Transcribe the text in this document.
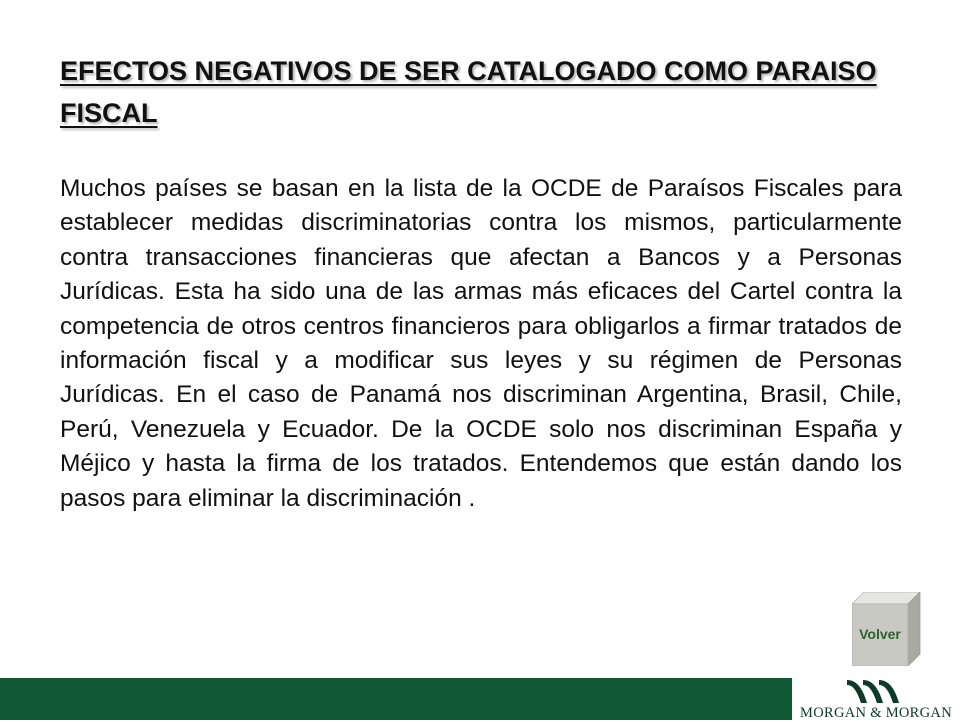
EFECTOS NEGATIVOS DE SER CATALOGADO COMO PARAISO FISCAL

Muchos países se basan en la lista de la OCDE de Paraísos Fiscales para establecer medidas discriminatorias contra los mismos, particularmente contra transacciones financieras que afectan a Bancos y a Personas Jurídicas. Esta ha sido una de las armas más eficaces del Cartel contra la competencia de otros centros financieros para obligarlos a firmar tratados de información fiscal y a modificar sus leyes y su régimen de Personas Jurídicas. En el caso de Panamá nos discriminan Argentina, Brasil, Chile, Perú, Venezuela y Ecuador. De la OCDE solo nos discriminan España y Méjico y hasta la firma de los tratados. Entendemos que están dando los pasos para eliminar la discriminación .

Volver
MORGAN & MORGAN
